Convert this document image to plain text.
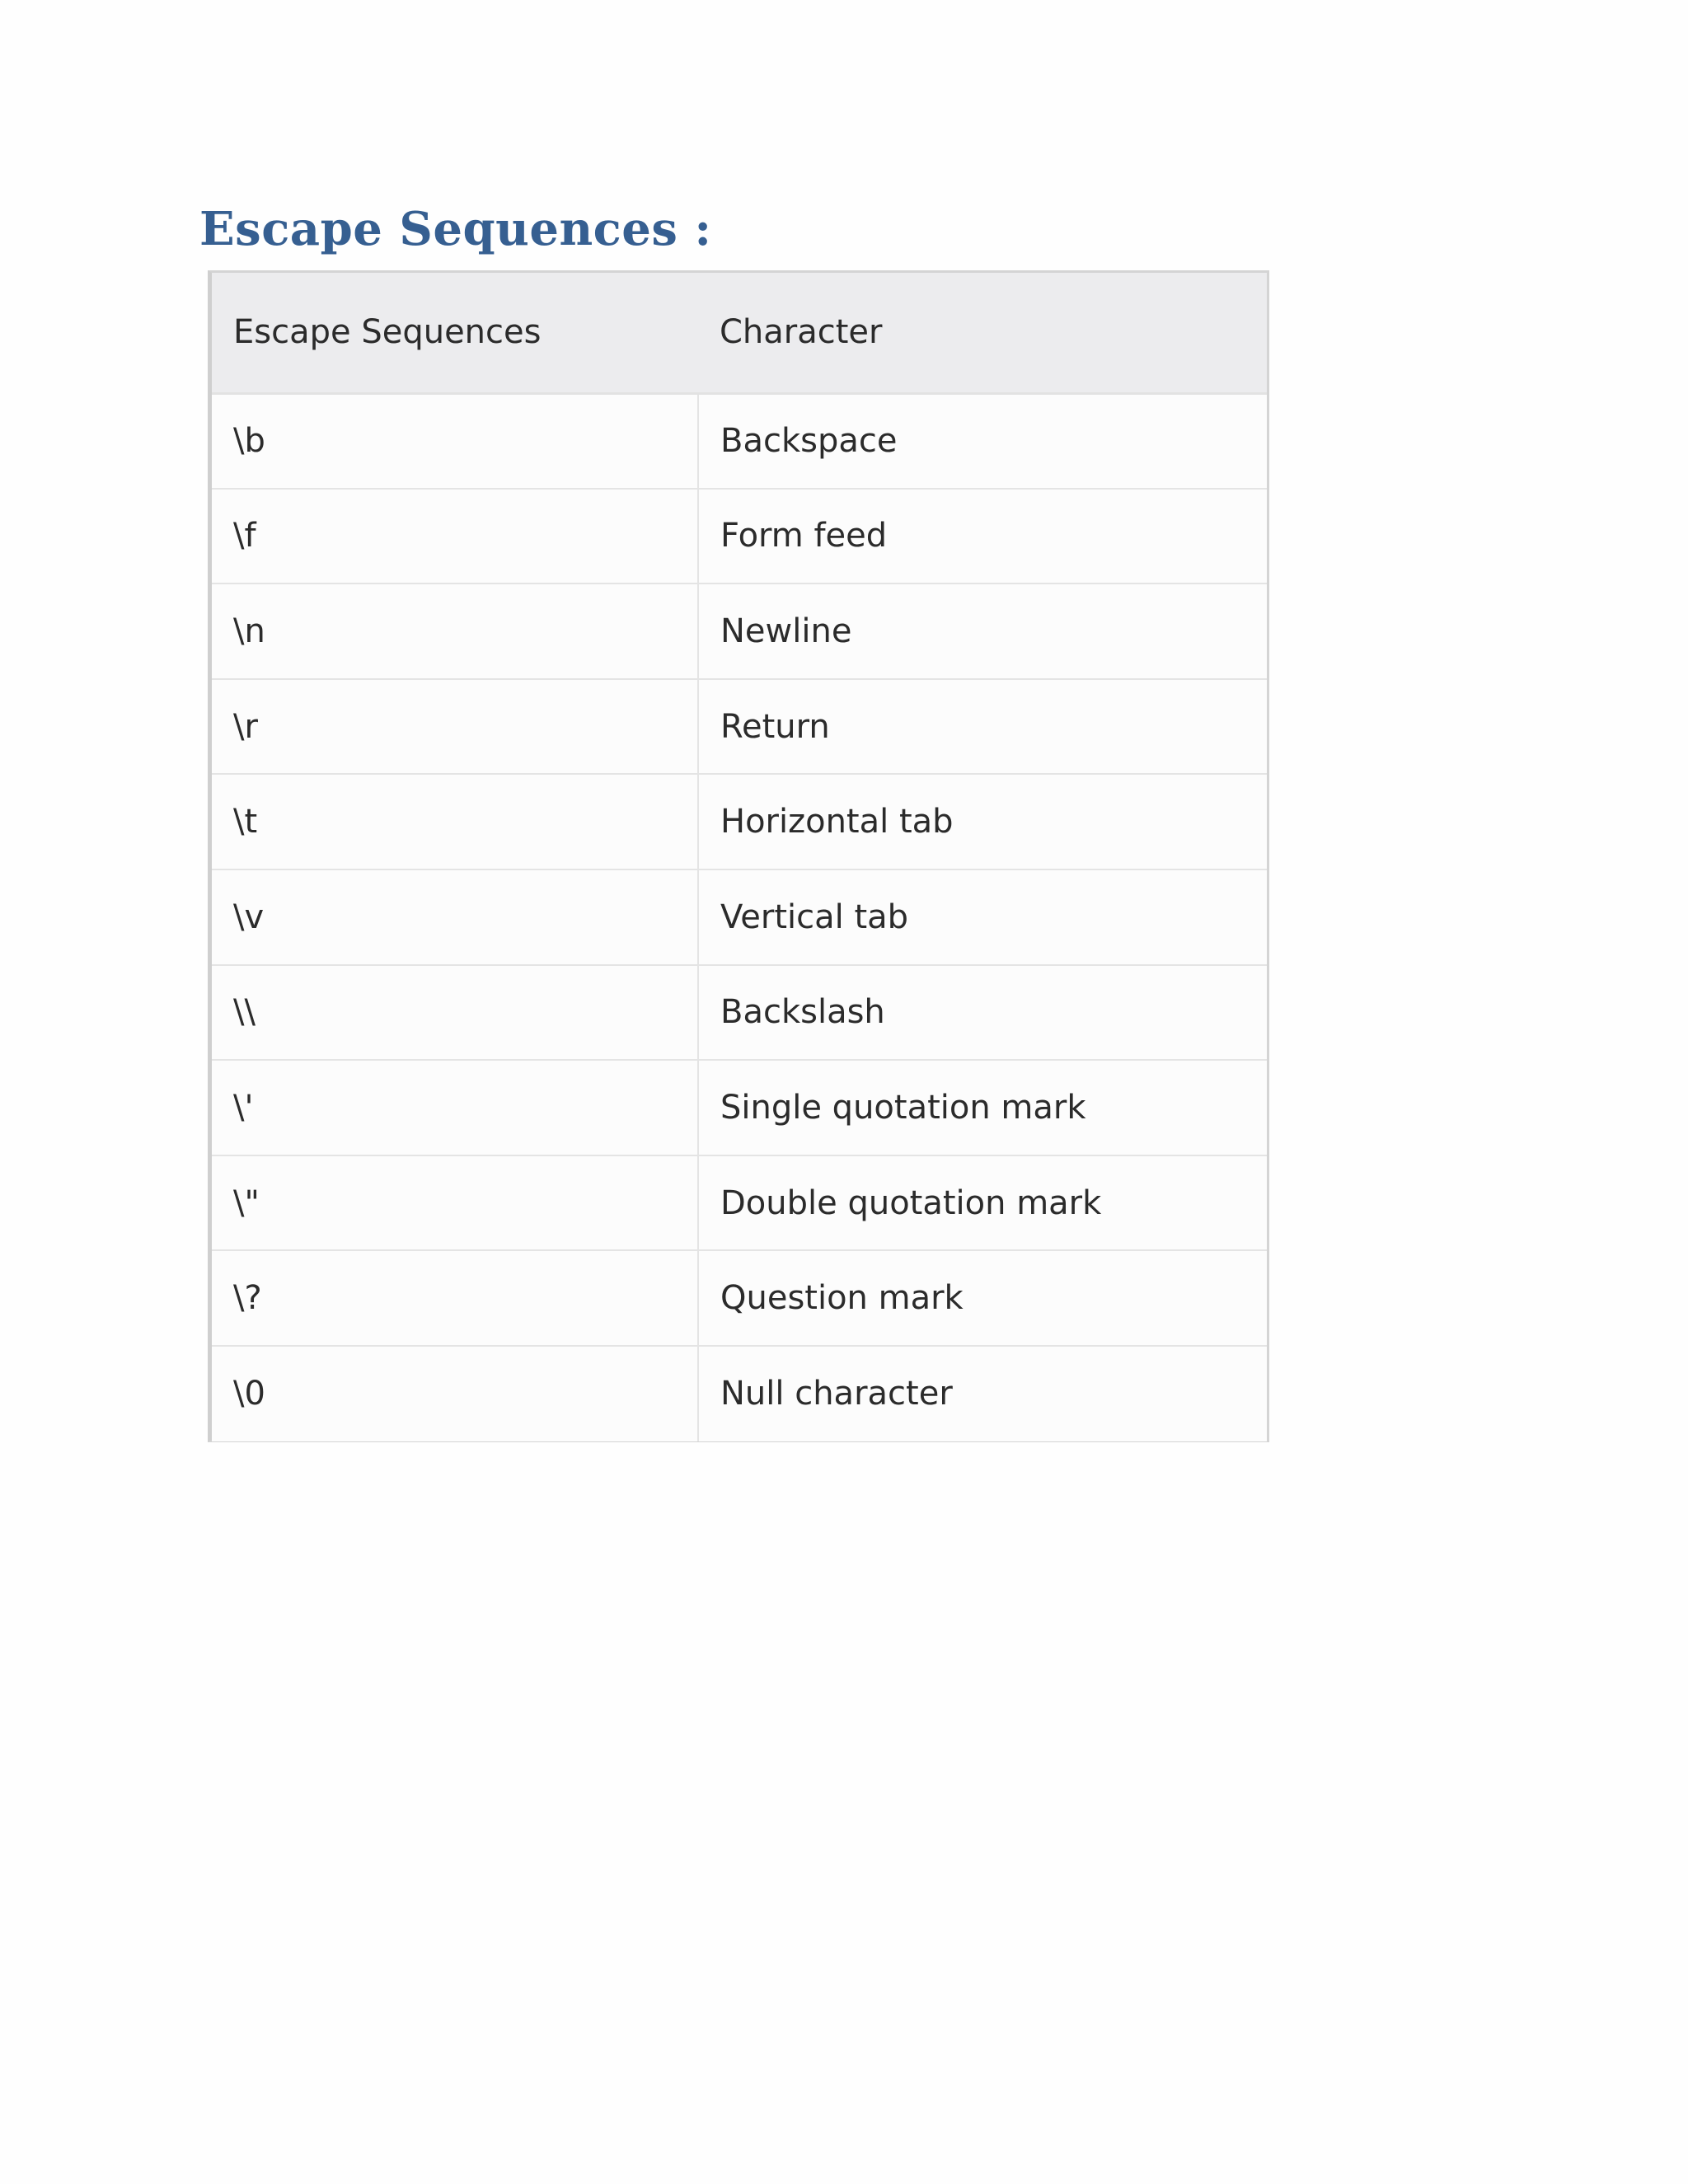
Escape Sequences :
Escape Sequences	Character
\b	Backspace
\f	Form feed
\n	Newline
\r	Return
\t	Horizontal tab
\v	Vertical tab
\\	Backslash
\'	Single quotation mark
\"	Double quotation mark
\?	Question mark
\0	Null character
